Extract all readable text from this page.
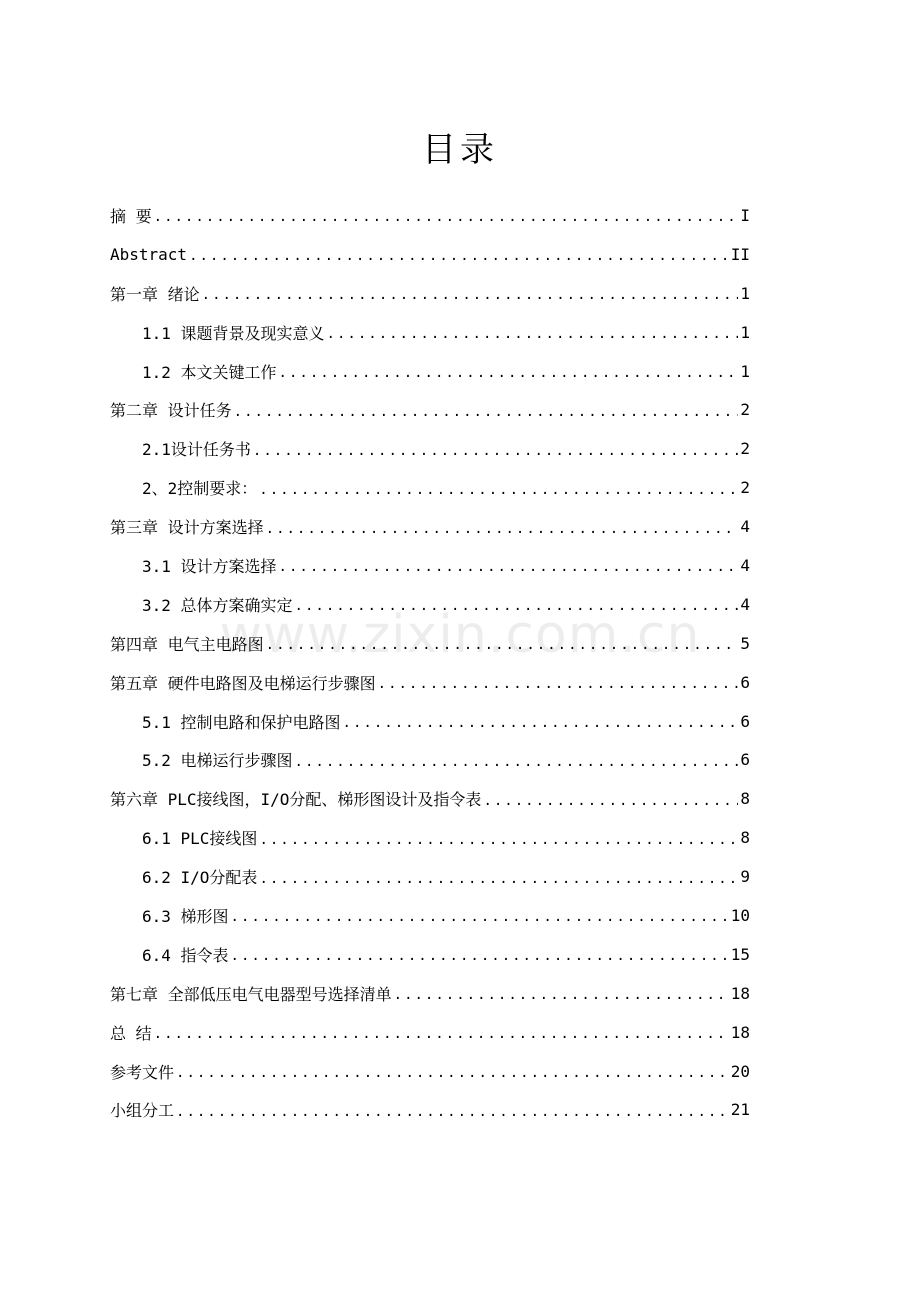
目录
摘 要 .....	I
Abstract .....	II
第一章 绪论 .....	1
1.1 课题背景及现实意义 .....	1
1.2 本文关键工作 .....	1
第二章 设计任务 .....	2
2.1设计任务书 .....	2
2、2控制要求： .....	2
第三章 设计方案选择 .....	4
3.1 设计方案选择 .....	4
3.2 总体方案确实定 .....	4
第四章 电气主电路图 .....	5
第五章 硬件电路图及电梯运行步骤图 .....	6
5.1 控制电路和保护电路图 .....	6
5.2 电梯运行步骤图 .....	6
第六章 PLC接线图，I/O分配、梯形图设计及指令表 .....	8
6.1 PLC接线图 .....	8
6.2 I/O分配表 .....	9
6.3 梯形图 .....	10
6.4 指令表 .....	15
第七章 全部低压电气电器型号选择清单 .....	18
总 结 .....	18
参考文件 .....	20
小组分工 .....	21
www.zixin.com.cn
